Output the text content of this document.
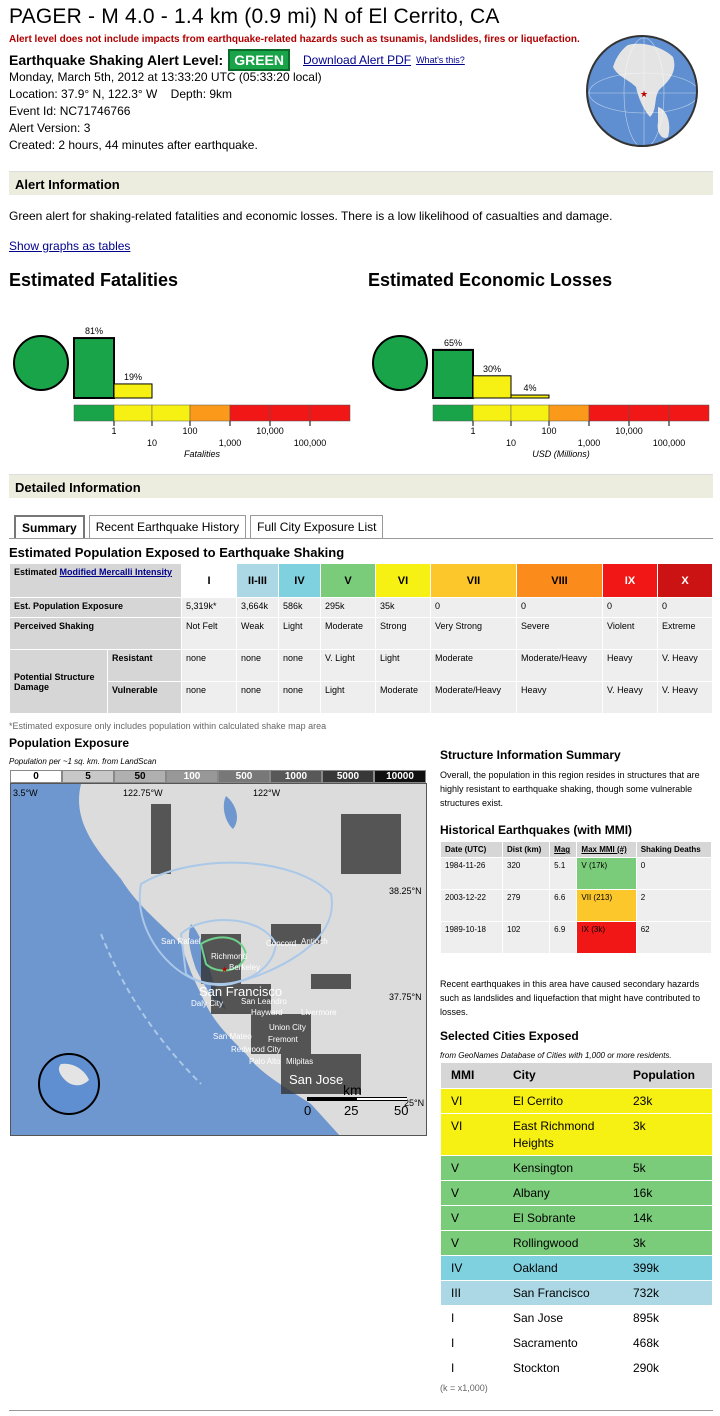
PAGER - M 4.0 - 1.4 km (0.9 mi) N of El Cerrito, CA
Alert level does not include impacts from earthquake-related hazards such as tsunamis, landslides, fires or liquefaction.
Earthquake Shaking Alert Level: GREEN	Download Alert PDF What's this?
Monday, March 5th, 2012 at 13:33:20 UTC (05:33:20 local)
Location: 37.9° N, 122.3° W    Depth: 9km
Event Id: NC71746766
Alert Version: 3
Created: 2 hours, 44 minutes after earthquake.
★
Alert Information
Green alert for shaking-related fatalities and economic losses. There is a low likelihood of casualties and damage.
Show graphs as tables
Estimated Fatalities	Estimated Economic Losses
81%
19%
1
10
100
1,000
10,000
100,000
Fatalities
65%
30%
4%
1
10
100
1,000
10,000
100,000
USD (Millions)
Detailed Information
Summary	Recent Earthquake History	Full City Exposure List
Estimated Population Exposed to Earthquake Shaking
Estimated Modified Mercalli Intensity		I	II-III	IV	V	VI	VII	VIII	IX	X
Est. Population Exposure		5,319k*	3,664k	586k	295k	35k	0	0	0	0
Perceived Shaking		Not Felt	Weak	Light	Moderate	Strong	Very Strong	Severe	Violent	Extreme
Potential Structure Damage	Resistant	none	none	none	V. Light	Light	Moderate	Moderate/Heavy	Heavy	V. Heavy
	Vulnerable	none	none	none	Light	Moderate	Moderate/Heavy	Heavy	V. Heavy	V. Heavy
*Estimated exposure only includes population within calculated shake map area
Population Exposure
Population per ~1 sq. km. from LandScan
0	5	50	100	500	1000	5000	10000
3.5°W	122.75°W	122°W
38.25°N
37.75°N
25°N
San Rafael	Concord
Richmond
Berkeley
Antioch
San Francisco
Daly City San Leandro
Hayward Livermore
Union City
Fremont
San Mateo
Redwood City
Palo Alto Milpitas
San Jose
★
km
0	25	50
Structure Information Summary
Overall, the population in this region resides in structures that are highly resistant to earthquake shaking, though some vulnerable structures exist.
Historical Earthquakes (with MMI)
Date (UTC)	Dist (km)	Mag	Max MMI (#)	Shaking Deaths
1984-11-26	320	5.1	V (17k)	0
2003-12-22	279	6.6	VII (213)	2
1989-10-18	102	6.9	IX (3k)	62
Recent earthquakes in this area have caused secondary hazards such as landslides and liquefaction that might have contributed to losses.
Selected Cities Exposed
from GeoNames Database of Cities with 1,000 or more residents.
MMI	City	Population
VI	El Cerrito	23k
VI	East Richmond Heights	3k
V	Kensington	5k
V	Albany	16k
V	El Sobrante	14k
V	Rollingwood	3k
IV	Oakland	399k
III	San Francisco	732k
I	San Jose	895k
I	Sacramento	468k
I	Stockton	290k
(k = x1,000)
